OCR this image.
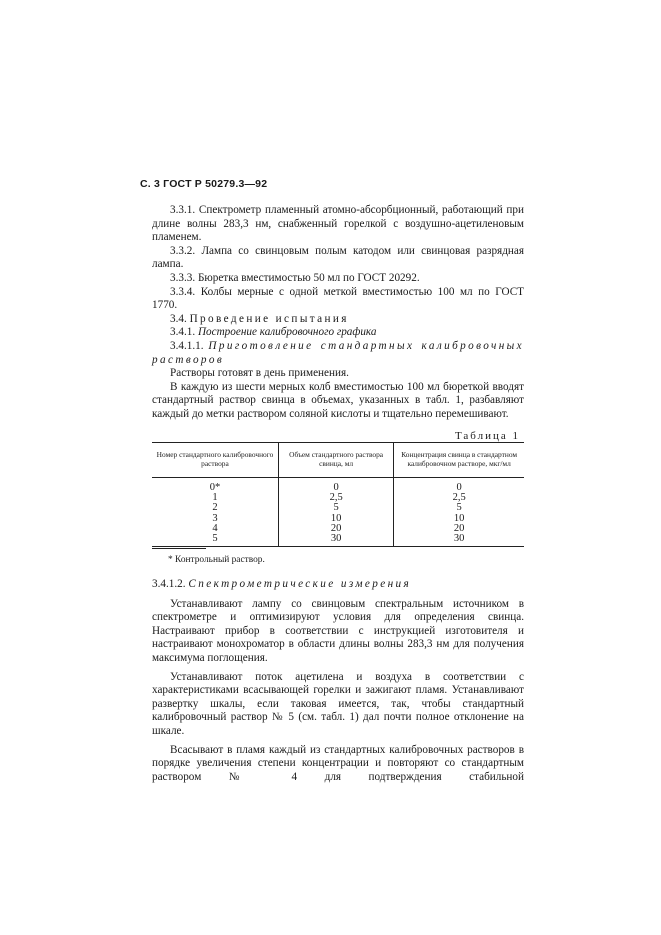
С. 3 ГОСТ Р 50279.3—92

3.3.1. Спектрометр пламенный атомно-абсорбционный, работающий при длине волны 283,3 нм, снабженный горелкой с воздушно-ацетиленовым пламенем.

3.3.2. Лампа со свинцовым полым катодом или свинцовая разрядная лампа.

3.3.3. Бюретка вместимостью 50 мл по ГОСТ 20292.

3.3.4. Колбы мерные с одной меткой вместимостью 100 мл по ГОСТ 1770.

3.4. Проведение испытания

3.4.1. Построение калибровочного графика

3.4.1.1. Приготовление стандартных калибровочных растворов

Растворы готовят в день применения.

В каждую из шести мерных колб вместимостью 100 мл бюреткой вводят стандартный раствор свинца в объемах, указанных в табл. 1, разбавляют каждый до метки раствором соляной кислоты и тщательно перемешивают.

Таблица 1
Номер стандартного калибровочного раствора	Объем стандартного раствора свинца, мл	Концентрация свинца в стандартном калибровочном растворе, мкг/мл
0*	0	0
1	2,5	2,5
2	5	5
3	10	10
4	20	20
5	30	30
* Контрольный раствор.

3.4.1.2. Спектрометрические измерения

Устанавливают лампу со свинцовым спектральным источником в спектрометре и оптимизируют условия для определения свинца. Настраивают прибор в соответствии с инструкцией изготовителя и настраивают монохроматор в области длины волны 283,3 нм для получения максимума поглощения.

Устанавливают поток ацетилена и воздуха в соответствии с характеристиками всасывающей горелки и зажигают пламя. Устанавливают развертку шкалы, если таковая имеется, так, чтобы стандартный калибровочный раствор № 5 (см. табл. 1) дал почти полное отклонение на шкале.

Всасывают в пламя каждый из стандартных калибровочных растворов в порядке увеличения степени концентрации и повторяют со стандартным раствором № 4 для подтверждения стабильной
